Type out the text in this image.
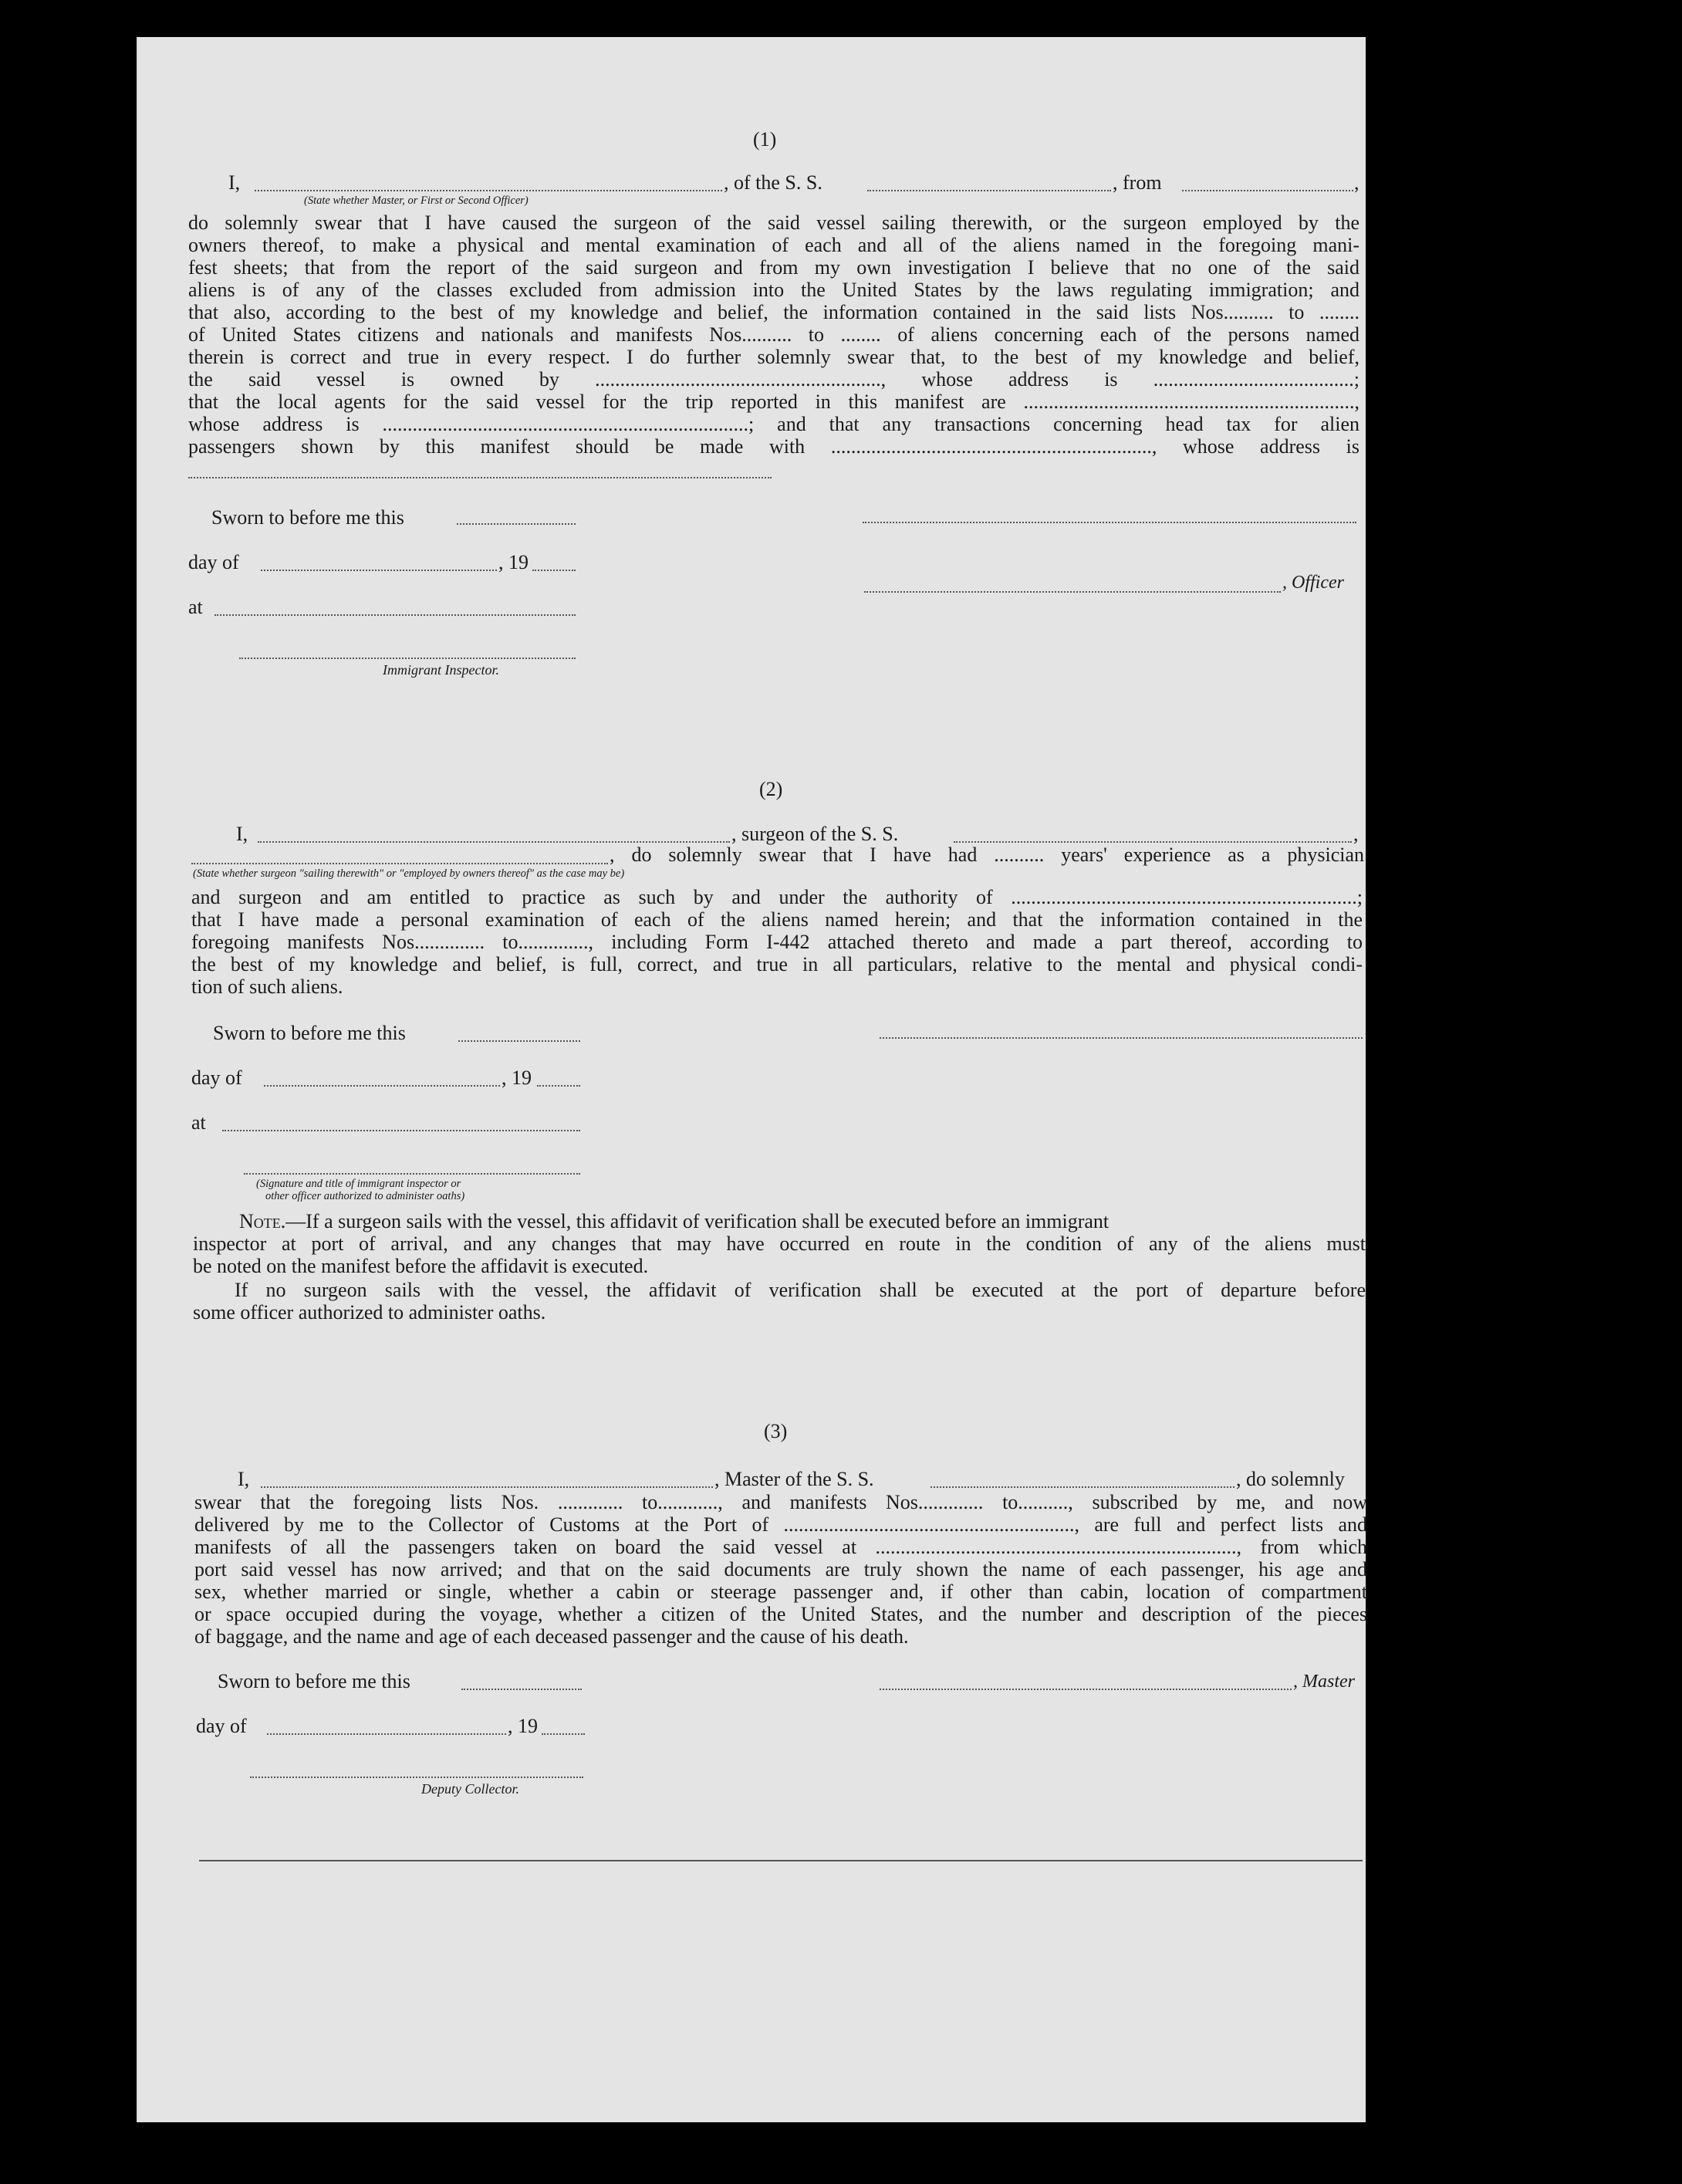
(1)
I,	, of the S. S.	, from	,
(State whether Master, or First or Second Officer)
do solemnly swear that I have caused the surgeon of the said vessel sailing therewith, or the surgeon employed by the
owners thereof, to make a physical and mental examination of each and all of the aliens named in the foregoing mani-
fest sheets; that from the report of the said surgeon and from my own investigation I believe that no one of the said
aliens is of any of the classes excluded from admission into the United States by the laws regulating immigration; and
that also, according to the best of my knowledge and belief, the information contained in the said lists Nos.......... to ........
of United States citizens and nationals and manifests Nos.......... to ........ of aliens concerning each of the persons named
therein is correct and true in every respect. I do further solemnly swear that, to the best of my knowledge and belief,
the said vessel is owned by ........................................................., whose address is ........................................;
that the local agents for the said vessel for the trip reported in this manifest are ..................................................................,
whose address is .........................................................................; and that any transactions concerning head tax for alien
passengers shown by this manifest should be made with ................................................................, whose address is
Sworn to before me this
day of	, 19
, Officer
at
Immigrant Inspector.
(2)
I,	, surgeon of the S. S.	,
, do solemnly swear that I have had .......... years' experience as a physician
(State whether surgeon "sailing therewith" or "employed by owners thereof" as the case may be)
and surgeon and am entitled to practice as such by and under the authority of .....................................................................;
that I have made a personal examination of each of the aliens named herein; and that the information contained in the
foregoing manifests Nos.............. to.............., including Form I-442 attached thereto and made a part thereof, according to
the best of my knowledge and belief, is full, correct, and true in all particulars, relative to the mental and physical condi-
tion of such aliens.
Sworn to before me this
day of	, 19
at
(Signature and title of immigrant inspector or
other officer authorized to administer oaths)
Note.—If a surgeon sails with the vessel, this affidavit of verification shall be executed before an immigrant
inspector at port of arrival, and any changes that may have occurred en route in the condition of any of the aliens must
be noted on the manifest before the affidavit is executed.
If no surgeon sails with the vessel, the affidavit of verification shall be executed at the port of departure before
some officer authorized to administer oaths.
(3)
I,	, Master of the S. S.	, do solemnly
swear that the foregoing lists Nos. ............. to............, and manifests Nos............. to.........., subscribed by me, and now
delivered by me to the Collector of Customs at the Port of .........................................................., are full and perfect lists and
manifests of all the passengers taken on board the said vessel at ........................................................................, from which
port said vessel has now arrived; and that on the said documents are truly shown the name of each passenger, his age and
sex, whether married or single, whether a cabin or steerage passenger and, if other than cabin, location of compartment
or space occupied during the voyage, whether a citizen of the United States, and the number and description of the pieces
of baggage, and the name and age of each deceased passenger and the cause of his death.
Sworn to before me this	, Master
day of	, 19
Deputy Collector.
